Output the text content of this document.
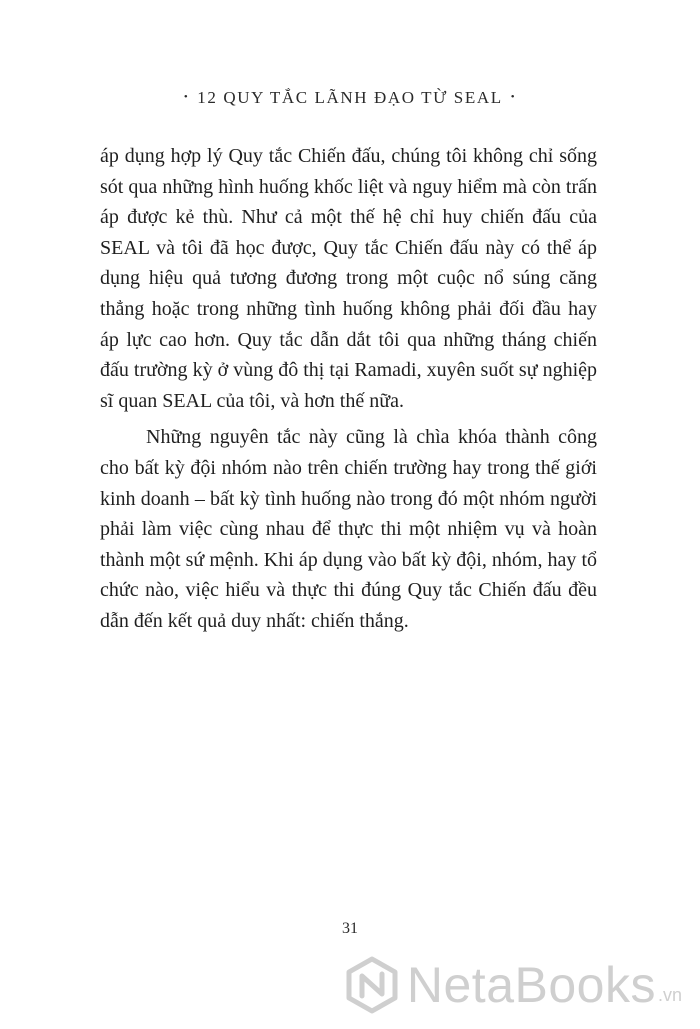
• 12 QUY TẮC LÃNH ĐẠO TỪ SEAL •

áp dụng hợp lý Quy tắc Chiến đấu, chúng tôi không chỉ sống sót qua những hình huống khốc liệt và nguy hiểm mà còn trấn áp được kẻ thù. Như cả một thế hệ chỉ huy chiến đấu của SEAL và tôi đã học được, Quy tắc Chiến đấu này có thể áp dụng hiệu quả tương đương trong một cuộc nổ súng căng thẳng hoặc trong những tình huống không phải đối đầu hay áp lực cao hơn. Quy tắc dẫn dắt tôi qua những tháng chiến đấu trường kỳ ở vùng đô thị tại Ramadi, xuyên suốt sự nghiệp sĩ quan SEAL của tôi, và hơn thế nữa.

Những nguyên tắc này cũng là chìa khóa thành công cho bất kỳ đội nhóm nào trên chiến trường hay trong thế giới kinh doanh – bất kỳ tình huống nào trong đó một nhóm người phải làm việc cùng nhau để thực thi một nhiệm vụ và hoàn thành một sứ mệnh. Khi áp dụng vào bất kỳ đội, nhóm, hay tổ chức nào, việc hiểu và thực thi đúng Quy tắc Chiến đấu đều dẫn đến kết quả duy nhất: chiến thắng.

31
NetaBooks .vn
